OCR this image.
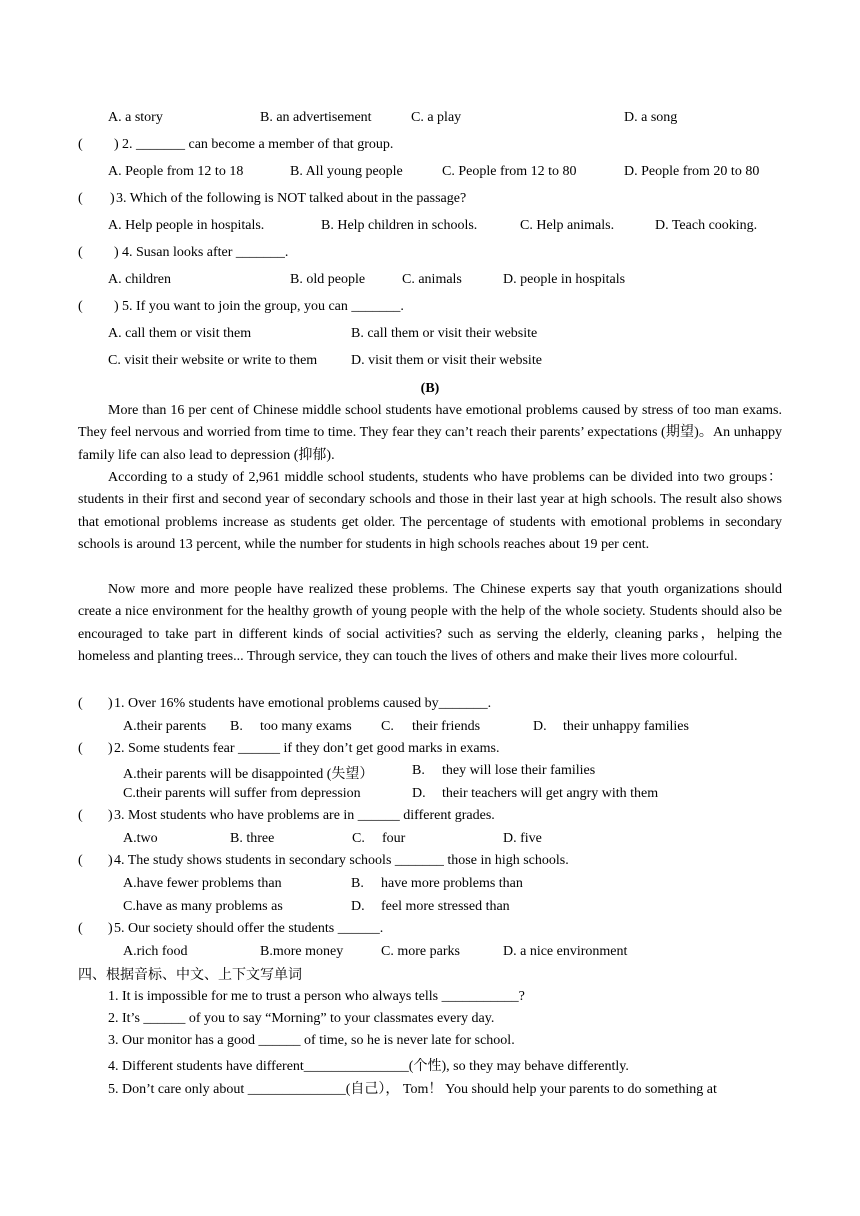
A. a story	B. an advertisement	C. a play	D. a song
( ) 2. _______ can become a member of that group.
A. People from 12 to 18	B. All young people	C. People from 12 to 80	D. People from 20 to 80
( ) 3. Which of the following is NOT talked about in the passage?
A. Help people in hospitals.	B. Help children in schools.	C. Help animals.	D. Teach cooking.
( ) 4. Susan looks after _______.
A. children	B. old people	C. animals	D. people in hospitals
( ) 5. If you want to join the group, you can _______.
A. call them or visit them	B. call them or visit their website
C. visit their website or write to them D. visit them or visit their website
(B)

More than 16 per cent of Chinese middle school students have emotional problems caused by stress of too man exams. They feel nervous and worried from time to time. They fear they can’t reach their parents’ expectations (期望)。An unhappy family life can also lead to depression (抑郁).

According to a study of 2,961 middle school students, students who have problems can be divided into two groups：students in their first and second year of secondary schools and those in their last year at high schools. The result also shows that emotional problems increase as students get older. The percentage of students with emotional problems in secondary schools is around 13 percent, while the number for students in high schools reaches about 19 per cent.

Now more and more people have realized these problems. The Chinese experts say that youth organizations should create a nice environment for the healthy growth of young people with the help of the whole society. Students should also be encouraged to take part in different kinds of social activities? such as serving the elderly, cleaning parks，helping the homeless and planting trees... Through service, they can touch the lives of others and make their lives more colourful.

( ) 1. Over 16% students have emotional problems caused by_______.
A.their parents B. too many exams C. their friends	D. their unhappy families
( ) 2. Some students fear ______ if they don’t get good marks in exams.
A.their parents will be disappointed (失望）	B. they will lose their families
C.their parents will suffer from depression	D. their teachers will get angry with them
( ) 3. Most students who have problems are in ______ different grades.
A.two	B. three	C. four	D. five
( ) 4. The study shows students in secondary schools _______ those in high schools.
A.have fewer problems than	B. have more problems than
C.have as many problems as	D. feel more stressed than
( ) 5. Our society should offer the students ______.
A.rich food	B.more money	C. more parks	D. a nice environment
四、根据音标、中文、上下文写单词
1. It is impossible for me to trust a person who always tells ___________?
2. It’s ______ of you to say “Morning” to your classmates every day.
3. Our monitor has a good ______ of time, so he is never late for school.
4. Different students have different_______________(个性), so they may behave differently.
5. Don’t care only about ______________(自己）， Tom！ You should help your parents to do something at
